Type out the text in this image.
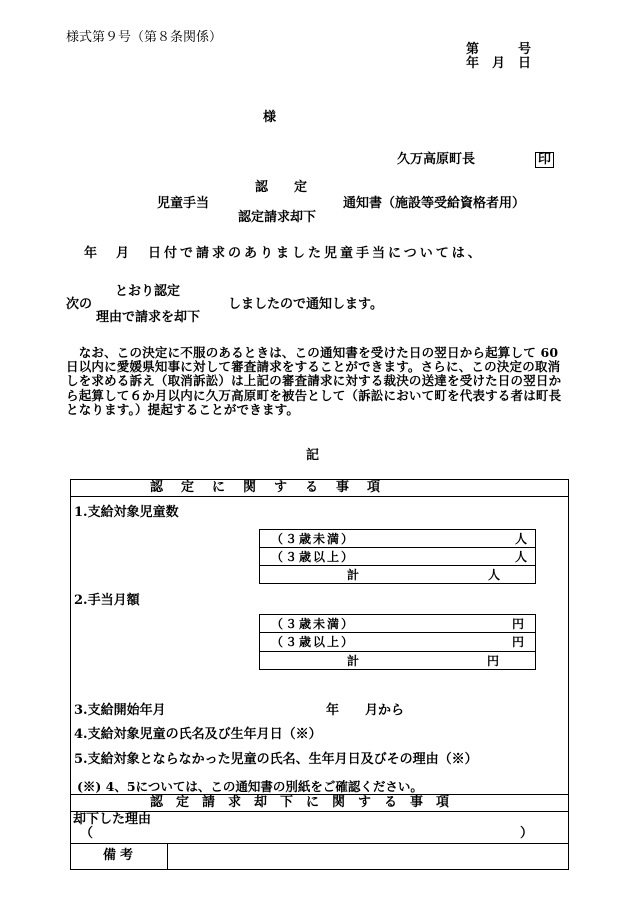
様式第９号（第８条関係）
第　　　号
年　月　日
様
久万高原町長	印
認　　定
児童手当	通知書（施設等受給資格者用）
認定請求却下
年　月　日付で請求のありました児童手当については、
とおり認定
次の	しましたので通知します。
理由で請求を却下
　なお、この決定に不服のあるときは、この通知書を受けた日の翌日から起算して 60 日以内に愛媛県知事に対して審査請求をすることができます。さらに、この決定の取消しを求める訴え（取消訴訟）は上記の審査請求に対する裁決の送達を受けた日の翌日から起算して６か月以内に久万高原町を被告として（訴訟において町を代表する者は町長となります。）提起することができます。
記
認定に関する事項
1.支給対象児童数
（３歳未満）	人
（３歳以上）	人
計	人
2.手当月額
（３歳未満）	円
（３歳以上）	円
計	円
3.支給開始年月	年　　月から
4.支給対象児童の氏名及び生年月日（※）
5.支給対象とならなかった児童の氏名、生年月日及びその理由（※）
(※) 4、5については、この通知書の別紙をご確認ください。
認定請求却下に関する事項
却下した理由
（	）
備考
